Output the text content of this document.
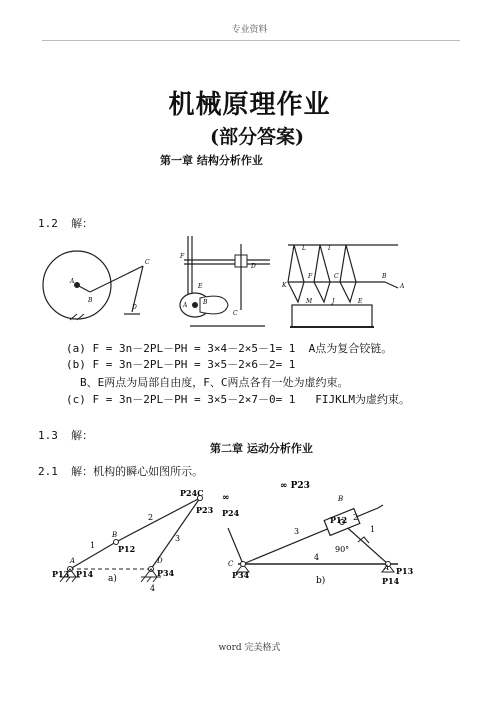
专业资料
机械原理作业
(部分答案)
第一章 结构分析作业
1.2  解：
C
A
B
D
F
D
E
A	B
C
L	I
K
F	C	B
A
M	J	E
(a) F = 3n－2PL－PH = 3×4－2×5－1= 1  A点为复合铰链。
(b) F = 3n－2PL－PH = 3×5－2×6－2= 1
B、E两点为局部自由度，F、C两点各有一处为虚约束。
(c) F = 3n－2PL－PH = 3×5－2×7－0= 1   FIJKLM为虚约束。
1.3  解：
第二章 运动分析作业
2.1  解：机构的瞬心如图所示。
P24C
P23
B
P12
A
P13 P14
D
P34
1
2
3
4
a)
∞ P23
∞
P24
B
P12 2
3	1
90°
4
C
P34
A P13
P14
b)
word 完美格式
